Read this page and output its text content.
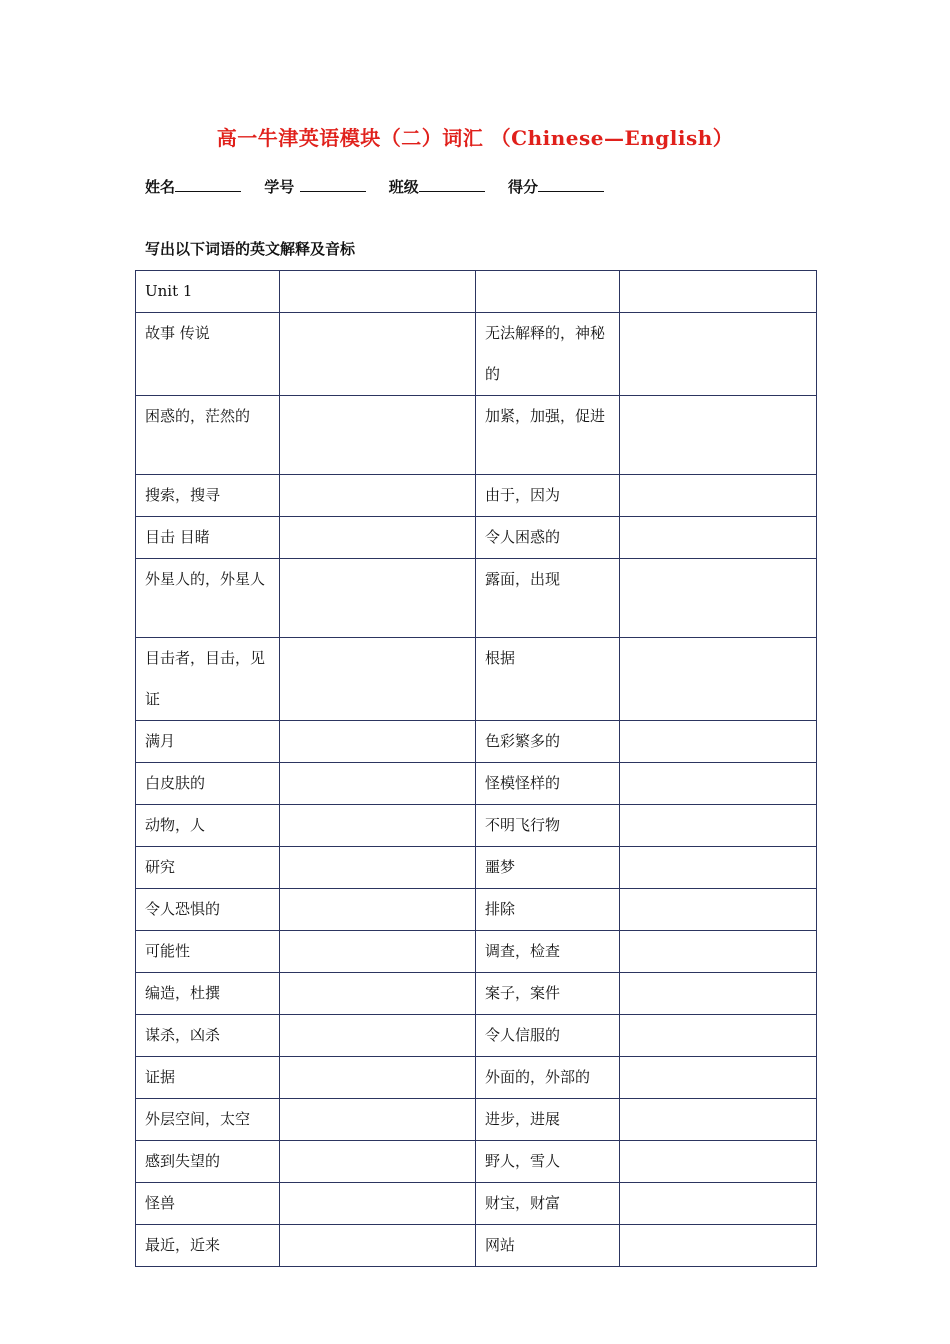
高一牛津英语模块（二）词汇 （Chinese—English）
姓名	学号	班级	得分
写出以下词语的英文解释及音标
Unit 1			

故事 传说		无法解释的，神秘的	

困惑的，茫然的		加紧，加强，促进	

搜索，搜寻		由于，因为	

目击 目睹		令人困惑的	

外星人的，外星人		露面，出现	

目击者，目击，见证		根据	

满月		色彩繁多的	

白皮肤的		怪模怪样的	

动物，人		不明飞行物	

研究		噩梦	

令人恐惧的		排除	

可能性		调查，检查	

编造，杜撰		案子，案件	

谋杀，凶杀		令人信服的	

证据		外面的，外部的	

外层空间，太空		进步，进展	

感到失望的		野人，雪人	

怪兽		财宝，财富	

最近，近来		网站	
